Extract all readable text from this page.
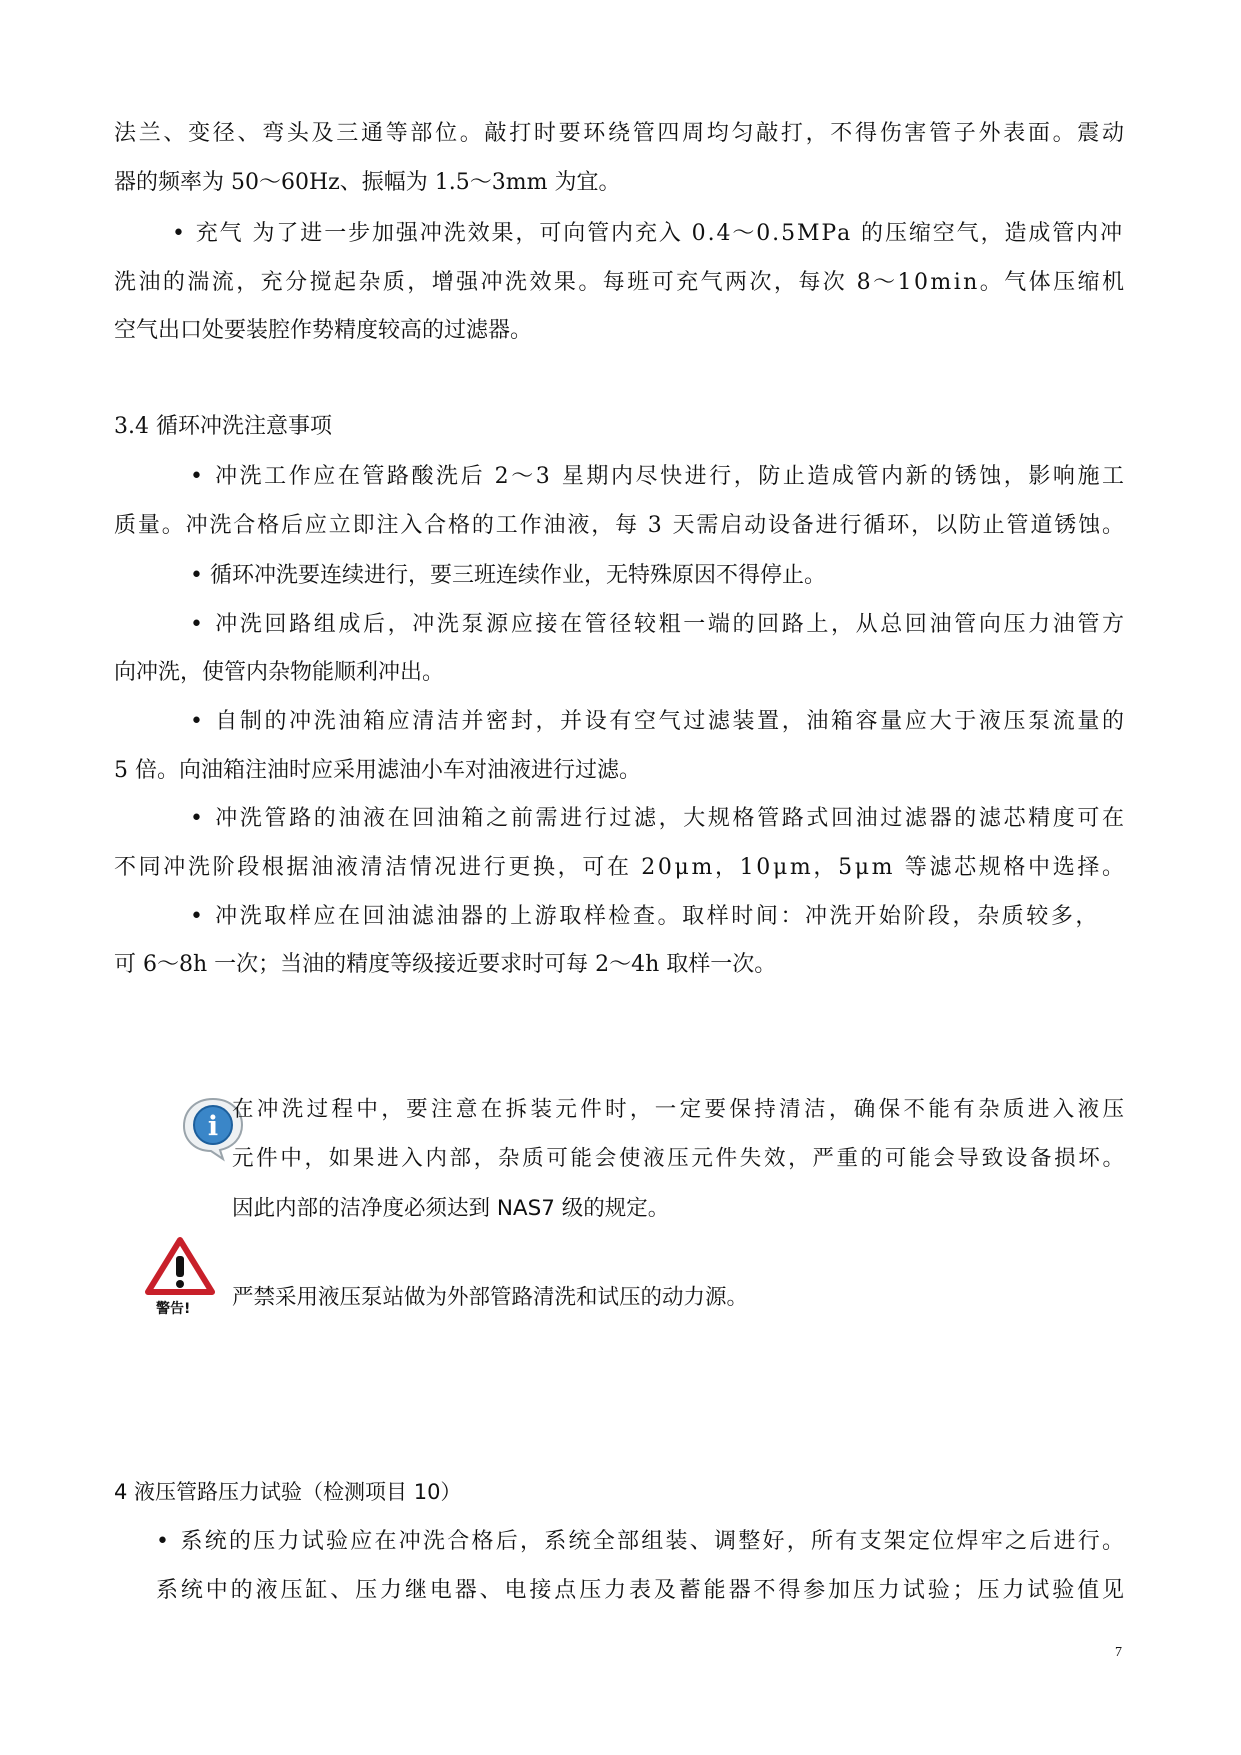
法兰、变径、弯头及三通等部位。敲打时要环绕管四周均匀敲打，不得伤害管子外表面。震动
器的频率为 50～60Hz、振幅为 1.5～3mm 为宜。
• 充气 为了进一步加强冲洗效果，可向管内充入 0.4～0.5MPa 的压缩空气，造成管内冲
洗油的湍流，充分搅起杂质，增强冲洗效果。每班可充气两次，每次 8～10min。气体压缩机
空气出口处要装腔作势精度较高的过滤器。
3.4 循环冲洗注意事项
• 冲洗工作应在管路酸洗后 2～3 星期内尽快进行，防止造成管内新的锈蚀，影响施工
质量。冲洗合格后应立即注入合格的工作油液，每 3 天需启动设备进行循环，以防止管道锈蚀。
• 循环冲洗要连续进行，要三班连续作业，无特殊原因不得停止。
• 冲洗回路组成后，冲洗泵源应接在管径较粗一端的回路上，从总回油管向压力油管方
向冲洗，使管内杂物能顺利冲出。
• 自制的冲洗油箱应清洁并密封，并设有空气过滤装置，油箱容量应大于液压泵流量的
5 倍。向油箱注油时应采用滤油小车对油液进行过滤。
• 冲洗管路的油液在回油箱之前需进行过滤，大规格管路式回油过滤器的滤芯精度可在
不同冲洗阶段根据油液清洁情况进行更换，可在 20μm，10μm，5μm 等滤芯规格中选择。
• 冲洗取样应在回油滤油器的上游取样检查。取样时间：冲洗开始阶段，杂质较多，
可 6～8h 一次；当油的精度等级接近要求时可每 2～4h 取样一次。
i
在冲洗过程中，要注意在拆装元件时，一定要保持清洁，确保不能有杂质进入液压
元件中，如果进入内部，杂质可能会使液压元件失效，严重的可能会导致设备损坏。
因此内部的洁净度必须达到 NAS7 级的规定。
警告! 严禁采用液压泵站做为外部管路清洗和试压的动力源。
4 液压管路压力试验（检测项目 10）
• 系统的压力试验应在冲洗合格后，系统全部组装、调整好，所有支架定位焊牢之后进行。
系统中的液压缸、压力继电器、电接点压力表及蓄能器不得参加压力试验；压力试验值见
7
